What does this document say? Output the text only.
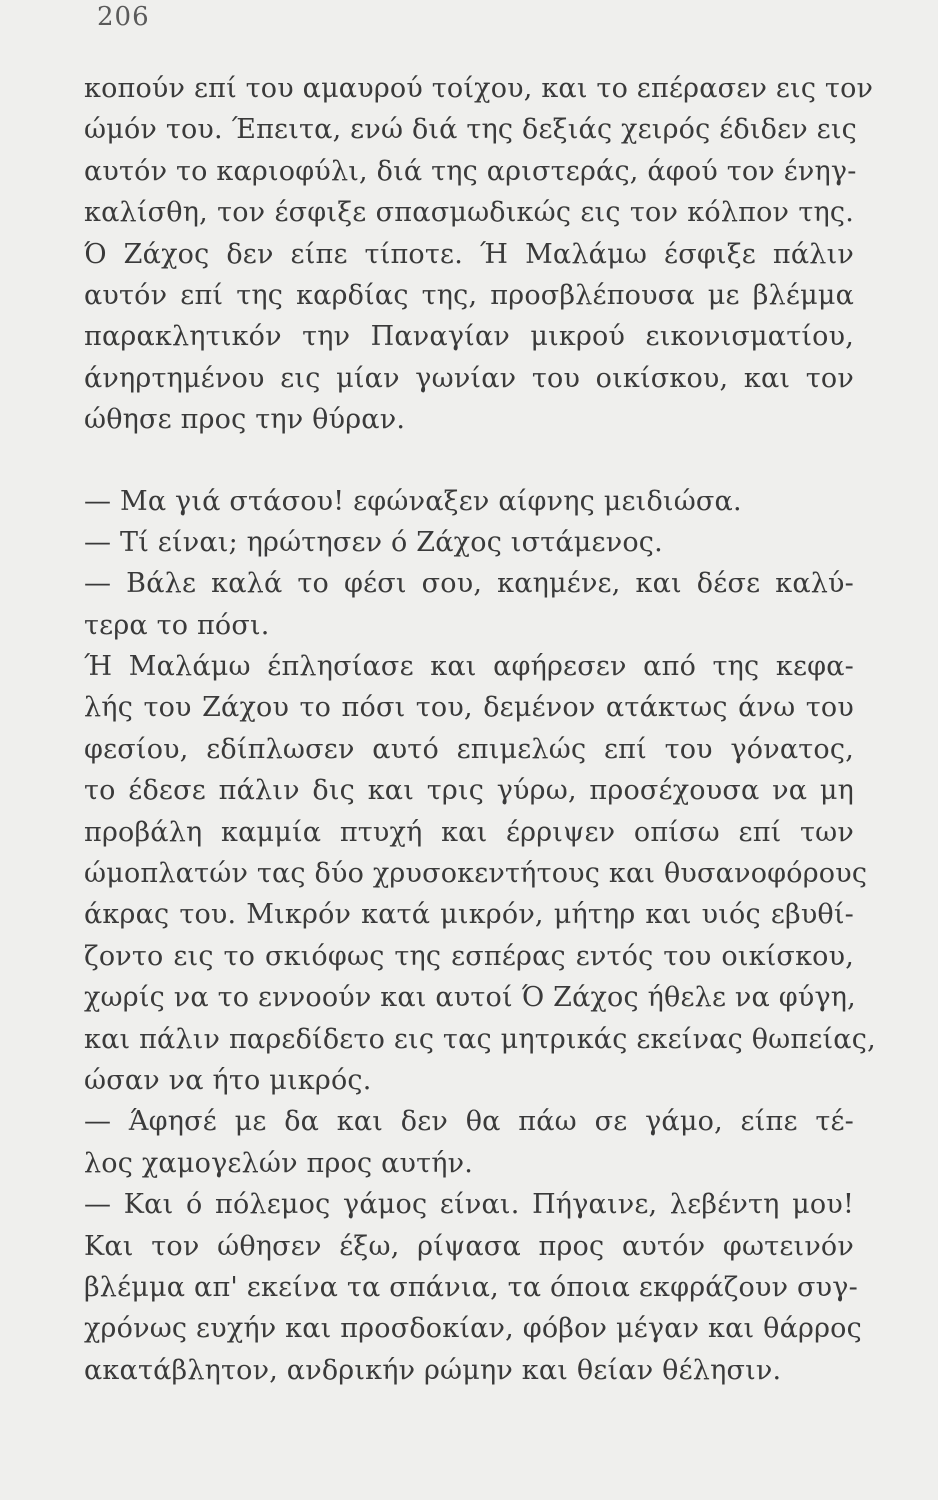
206
κοπούν επί του αμαυρού τοίχου, και το επέρασεν εις τον
ώμόν του. Έπειτα, ενώ διά της δεξιάς χειρός έδιδεν εις
αυτόν το καριοφύλι, διά της αριστεράς, άφού τον ένηγ-
καλίσθη, τον έσφιξε σπασμωδικώς εις τον κόλπον της.
Ό Ζάχος δεν είπε τίποτε. Ή Μαλάμω έσφιξε πάλιν
αυτόν επί της καρδίας της, προσβλέπουσα με βλέμμα
παρακλητικόν την Παναγίαν μικρού εικονισματίου,
άνηρτημένου εις μίαν γωνίαν του οικίσκου, και τον
ώθησε προς την θύραν.
— Μα γιά στάσου! εφώναξεν αίφνης μειδιώσα.
— Τί είναι; ηρώτησεν ό Ζάχος ιστάμενος.
— Βάλε καλά το φέσι σου, καημένε, και δέσε καλύ-
τερα το πόσι.
Ή Μαλάμω έπλησίασε και αφήρεσεν από της κεφα-
λής του Ζάχου το πόσι του, δεμένον ατάκτως άνω του
φεσίου, εδίπλωσεν αυτό επιμελώς επί του γόνατος,
το έδεσε πάλιν δις και τρις γύρω, προσέχουσα να μη
προβάλη καμμία πτυχή και έρριψεν οπίσω επί των
ώμοπλατών τας δύο χρυσοκεντήτους και θυσανοφόρους
άκρας του. Μικρόν κατά μικρόν, μήτηρ και υιός εβυθί-
ζοντο εις το σκιόφως της εσπέρας εντός του οικίσκου,
χωρίς να το εννοούν και αυτοί Ό Ζάχος ήθελε να φύγη,
και πάλιν παρεδίδετο εις τας μητρικάς εκείνας θωπείας,
ώσαν να ήτο μικρός.
— Άφησέ με δα και δεν θα πάω σε γάμο, είπε τέ-
λος χαμογελών προς αυτήν.
— Και ό πόλεμος γάμος είναι. Πήγαινε, λεβέντη μου!
Και τον ώθησεν έξω, ρίψασα προς αυτόν φωτεινόν
βλέμμα απ' εκείνα τα σπάνια, τα όποια εκφράζουν συγ-
χρόνως ευχήν και προσδοκίαν, φόβον μέγαν και θάρρος
ακατάβλητον, ανδρικήν ρώμην και θείαν θέλησιν.
